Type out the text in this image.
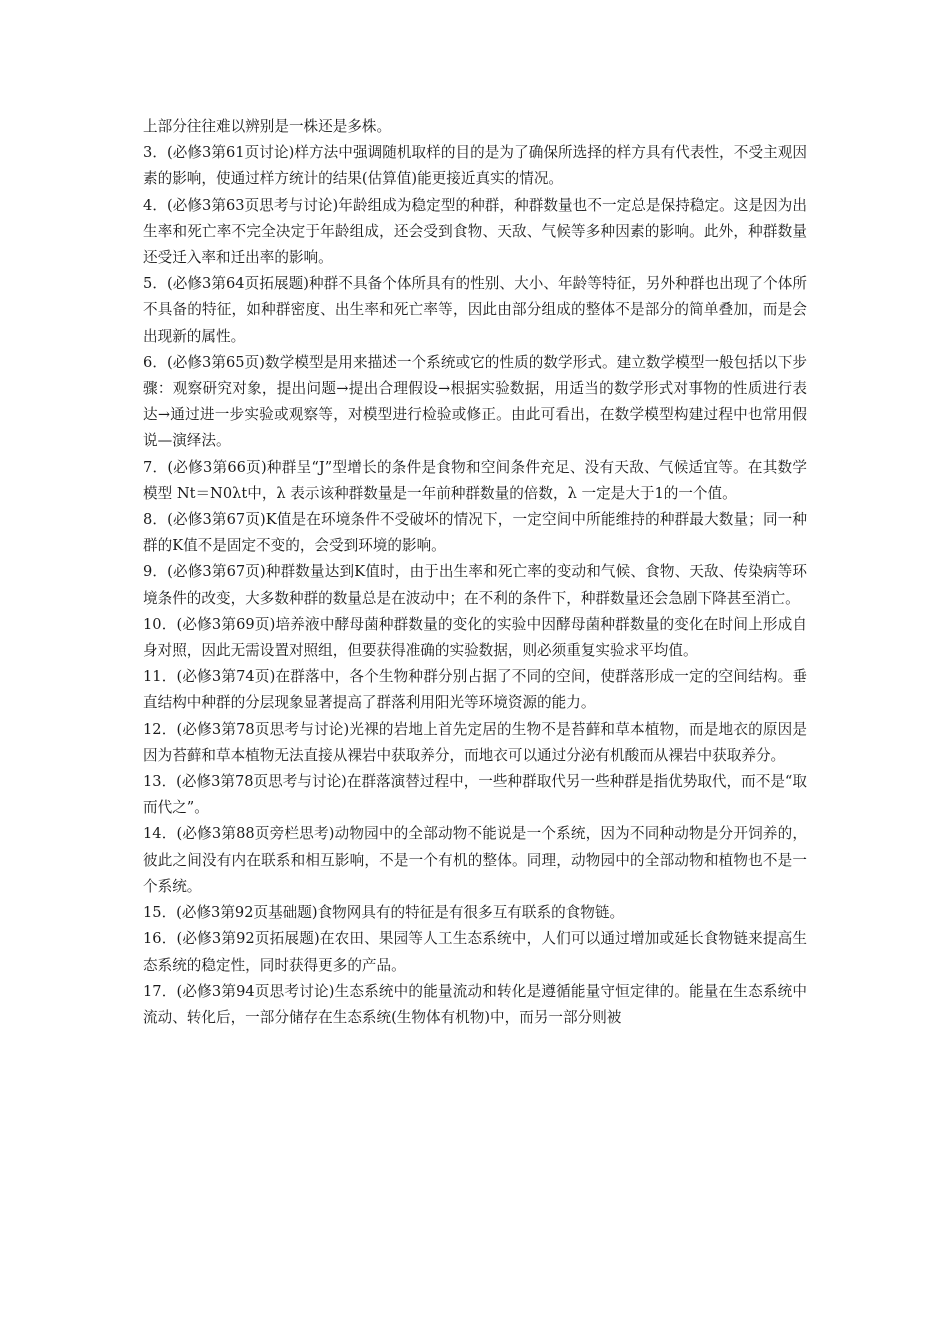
上部分往往难以辨别是一株还是多株。

3．(必修3第61页讨论)样方法中强调随机取样的目的是为了确保所选择的样方具有代表性，不受主观因素的影响，使通过样方统计的结果(估算值)能更接近真实的情况。

4．(必修3第63页思考与讨论)年龄组成为稳定型的种群，种群数量也不一定总是保持稳定。这是因为出生率和死亡率不完全决定于年龄组成，还会受到食物、天敌、气候等多种因素的影响。此外，种群数量还受迁入率和迁出率的影响。

5．(必修3第64页拓展题)种群不具备个体所具有的性别、大小、年龄等特征，另外种群也出现了个体所不具备的特征，如种群密度、出生率和死亡率等，因此由部分组成的整体不是部分的简单叠加，而是会出现新的属性。

6．(必修3第65页)数学模型是用来描述一个系统或它的性质的数学形式。建立数学模型一般包括以下步骤：观察研究对象，提出问题→提出合理假设→根据实验数据，用适当的数学形式对事物的性质进行表达→通过进一步实验或观察等，对模型进行检验或修正。由此可看出，在数学模型构建过程中也常用假说—演绎法。

7．(必修3第66页)种群呈“J”型增长的条件是食物和空间条件充足、没有天敌、气候适宜等。在其数学模型 Nt＝N0λt中，λ 表示该种群数量是一年前种群数量的倍数，λ 一定是大于1的一个值。

8．(必修3第67页)K值是在环境条件不受破坏的情况下，一定空间中所能维持的种群最大数量；同一种群的K值不是固定不变的，会受到环境的影响。

9．(必修3第67页)种群数量达到K值时，由于出生率和死亡率的变动和气候、食物、天敌、传染病等环境条件的改变，大多数种群的数量总是在波动中；在不利的条件下，种群数量还会急剧下降甚至消亡。

10．(必修3第69页)培养液中酵母菌种群数量的变化的实验中因酵母菌种群数量的变化在时间上形成自身对照，因此无需设置对照组，但要获得准确的实验数据，则必须重复实验求平均值。

11．(必修3第74页)在群落中，各个生物种群分别占据了不同的空间，使群落形成一定的空间结构。垂直结构中种群的分层现象显著提高了群落利用阳光等环境资源的能力。

12．(必修3第78页思考与讨论)光裸的岩地上首先定居的生物不是苔藓和草本植物，而是地衣的原因是因为苔藓和草本植物无法直接从裸岩中获取养分，而地衣可以通过分泌有机酸而从裸岩中获取养分。

13．(必修3第78页思考与讨论)在群落演替过程中，一些种群取代另一些种群是指优势取代，而不是“取而代之”。

14．(必修3第88页旁栏思考)动物园中的全部动物不能说是一个系统，因为不同种动物是分开饲养的，彼此之间没有内在联系和相互影响，不是一个有机的整体。同理，动物园中的全部动物和植物也不是一个系统。

15．(必修3第92页基础题)食物网具有的特征是有很多互有联系的食物链。

16．(必修3第92页拓展题)在农田、果园等人工生态系统中，人们可以通过增加或延长食物链来提高生态系统的稳定性，同时获得更多的产品。

17．(必修3第94页思考讨论)生态系统中的能量流动和转化是遵循能量守恒定律的。能量在生态系统中流动、转化后，一部分储存在生态系统(生物体有机物)中，而另一部分则被
